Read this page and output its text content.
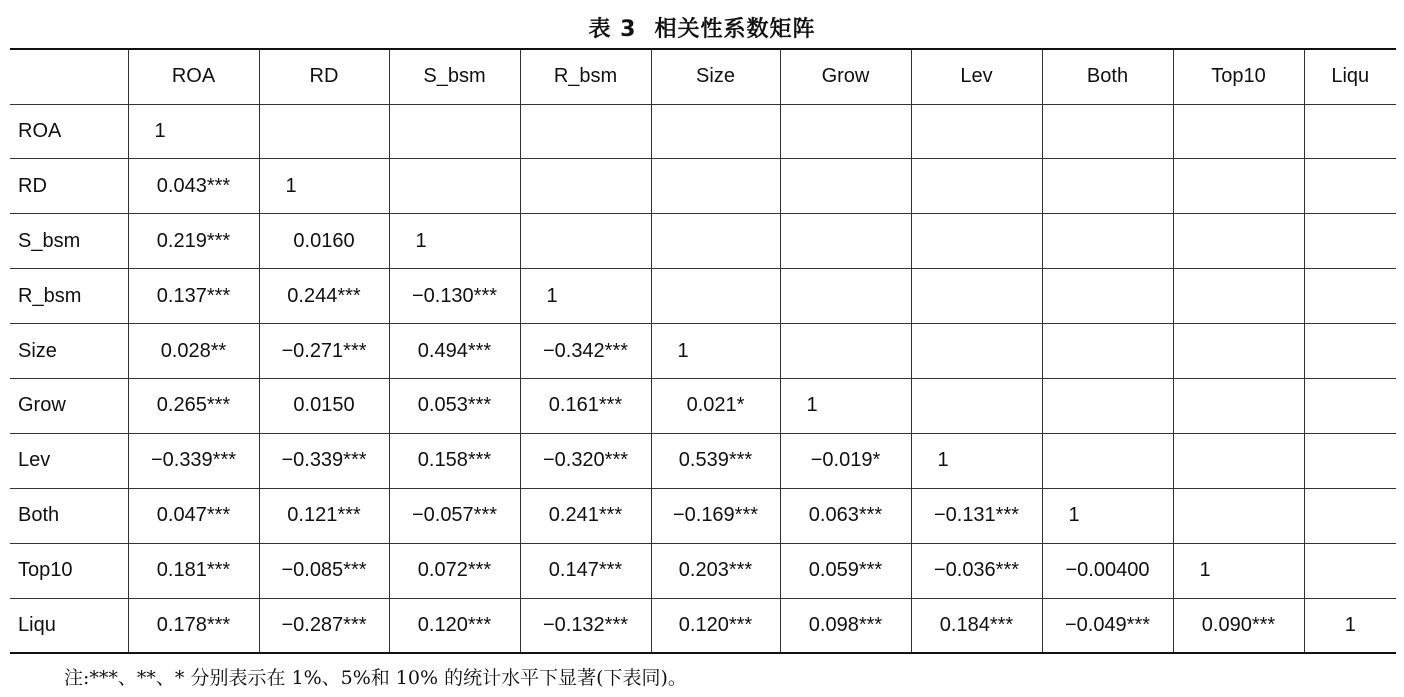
表 3 相关性系数矩阵
	ROA	RD	S_bsm	R_bsm	Size	Grow	Lev	Both	Top10	Liqu
ROA	1									
RD	0.043***	1								
S_bsm	0.219***	0.0160	1							
R_bsm	0.137***	0.244***	−0.130***	1						
Size	0.028**	−0.271***	0.494***	−0.342***	1					
Grow	0.265***	0.0150	0.053***	0.161***	0.021*	1				
Lev	−0.339***	−0.339***	0.158***	−0.320***	0.539***	−0.019*	1			
Both	0.047***	0.121***	−0.057***	0.241***	−0.169***	0.063***	−0.131***	1		
Top10	0.181***	−0.085***	0.072***	0.147***	0.203***	0.059***	−0.036***	−0.00400	1	
Liqu	0.178***	−0.287***	0.120***	−0.132***	0.120***	0.098***	0.184***	−0.049***	0.090***	1
注:***、**、* 分别表示在 1%、5%和 10% 的统计水平下显著(下表同)。
